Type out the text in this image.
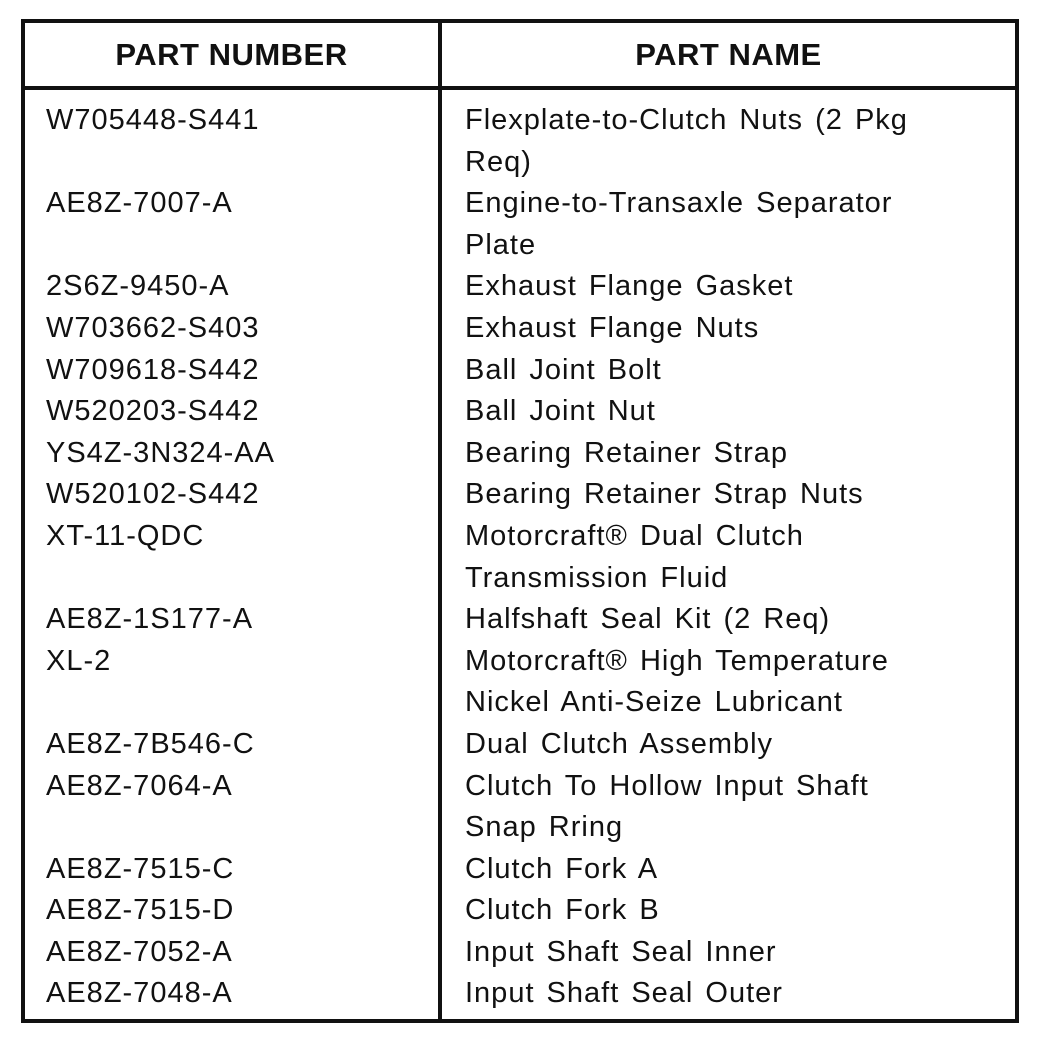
PART NUMBER	PART NAME
W705448-S441	Flexplate-to-Clutch Nuts (2 Pkg
Req)
AE8Z-7007-A	Engine-to-Transaxle Separator
Plate
2S6Z-9450-A	Exhaust Flange Gasket
W703662-S403	Exhaust Flange Nuts
W709618-S442	Ball Joint Bolt
W520203-S442	Ball Joint Nut
YS4Z-3N324-AA	Bearing Retainer Strap
W520102-S442	Bearing Retainer Strap Nuts
XT-11-QDC	Motorcraft® Dual Clutch
Transmission Fluid
AE8Z-1S177-A	Halfshaft Seal Kit (2 Req)
XL-2	Motorcraft® High Temperature
Nickel Anti-Seize Lubricant
AE8Z-7B546-C	Dual Clutch Assembly
AE8Z-7064-A	Clutch To Hollow Input Shaft
Snap Rring
AE8Z-7515-C	Clutch Fork A
AE8Z-7515-D	Clutch Fork B
AE8Z-7052-A	Input Shaft Seal Inner
AE8Z-7048-A	Input Shaft Seal Outer
